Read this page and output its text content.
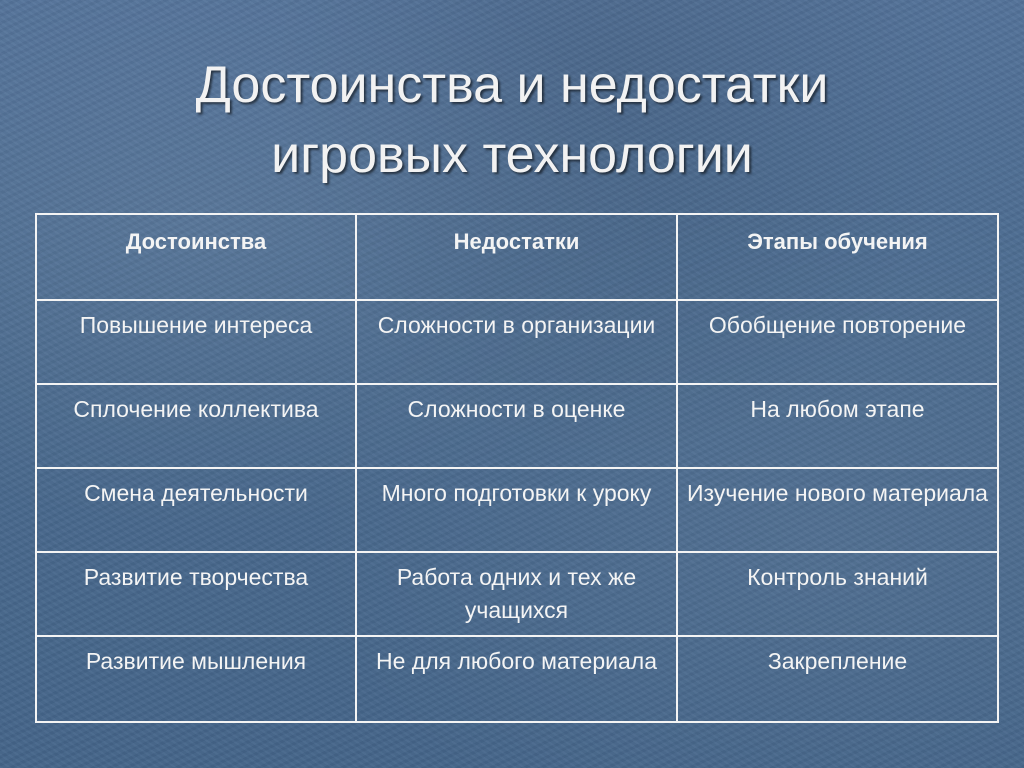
Достоинства и недостатки
игровых технологии
Достоинства	Недостатки	Этапы обучения
Повышение интереса	Сложности в организации	Обобщение повторение
Сплочение коллектива	Сложности в оценке	На любом этапе
Смена деятельности	Много подготовки к уроку	Изучение нового материала
Развитие творчества	Работа одних и тех же учащихся	Контроль знаний
Развитие мышления	Не для любого материала	Закрепление
